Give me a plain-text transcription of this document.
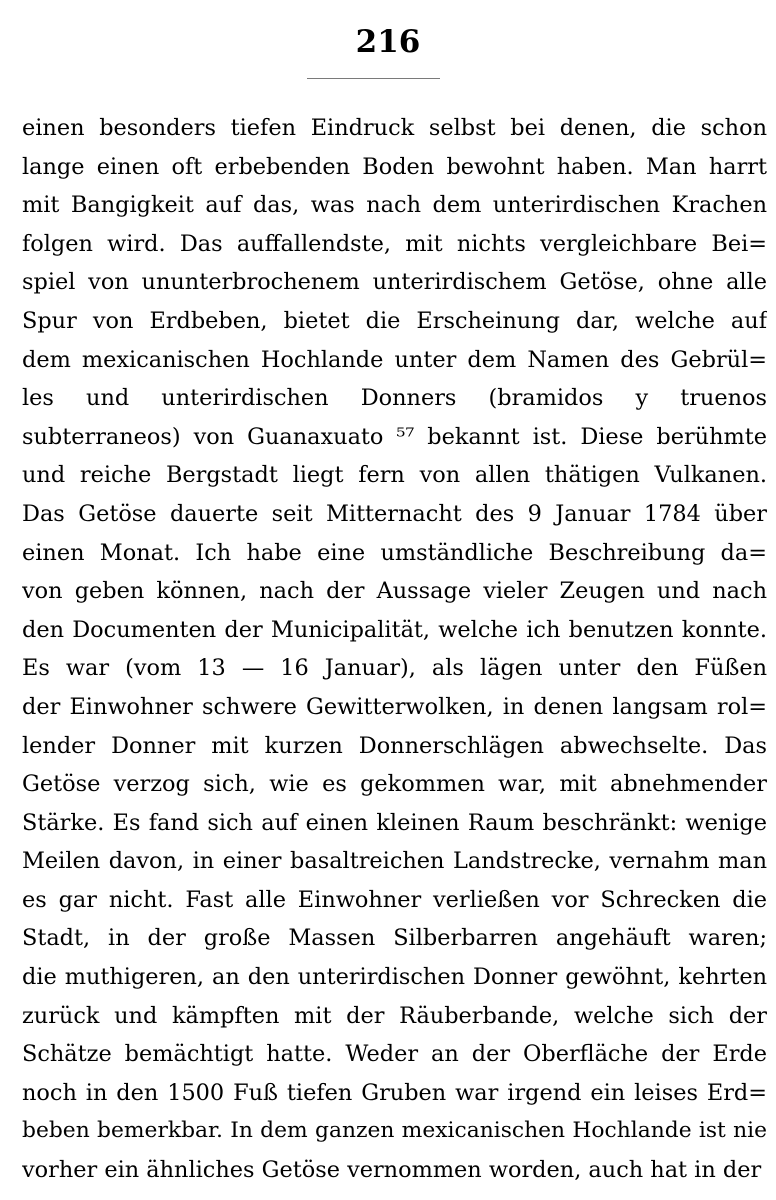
216
einen besonders tiefen Eindruck selbst bei denen, die schon
lange einen oft erbebenden Boden bewohnt haben. Man harrt
mit Bangigkeit auf das, was nach dem unterirdischen Krachen
folgen wird. Das auffallendste, mit nichts vergleichbare Bei=
spiel von ununterbrochenem unterirdischem Getöse, ohne alle
Spur von Erdbeben, bietet die Erscheinung dar, welche auf
dem mexicanischen Hochlande unter dem Namen des Gebrül=
les und unterirdischen Donners (bramidos y truenos
subterraneos) von Guanaxuato ⁵⁷ bekannt ist. Diese berühmte
und reiche Bergstadt liegt fern von allen thätigen Vulkanen.
Das Getöse dauerte seit Mitternacht des 9 Januar 1784 über
einen Monat. Ich habe eine umständliche Beschreibung da=
von geben können, nach der Aussage vieler Zeugen und nach
den Documenten der Municipalität, welche ich benutzen konnte.
Es war (vom 13 — 16 Januar), als lägen unter den Füßen
der Einwohner schwere Gewitterwolken, in denen langsam rol=
lender Donner mit kurzen Donnerschlägen abwechselte. Das
Getöse verzog sich, wie es gekommen war, mit abnehmender
Stärke. Es fand sich auf einen kleinen Raum beschränkt: wenige
Meilen davon, in einer basaltreichen Landstrecke, vernahm man
es gar nicht. Fast alle Einwohner verließen vor Schrecken die
Stadt, in der große Massen Silberbarren angehäuft waren;
die muthigeren, an den unterirdischen Donner gewöhnt, kehrten
zurück und kämpften mit der Räuberbande, welche sich der
Schätze bemächtigt hatte. Weder an der Oberfläche der Erde
noch in den 1500 Fuß tiefen Gruben war irgend ein leises Erd=
beben bemerkbar. In dem ganzen mexicanischen Hochlande ist nie
vorher ein ähnliches Getöse vernommen worden, auch hat in der
